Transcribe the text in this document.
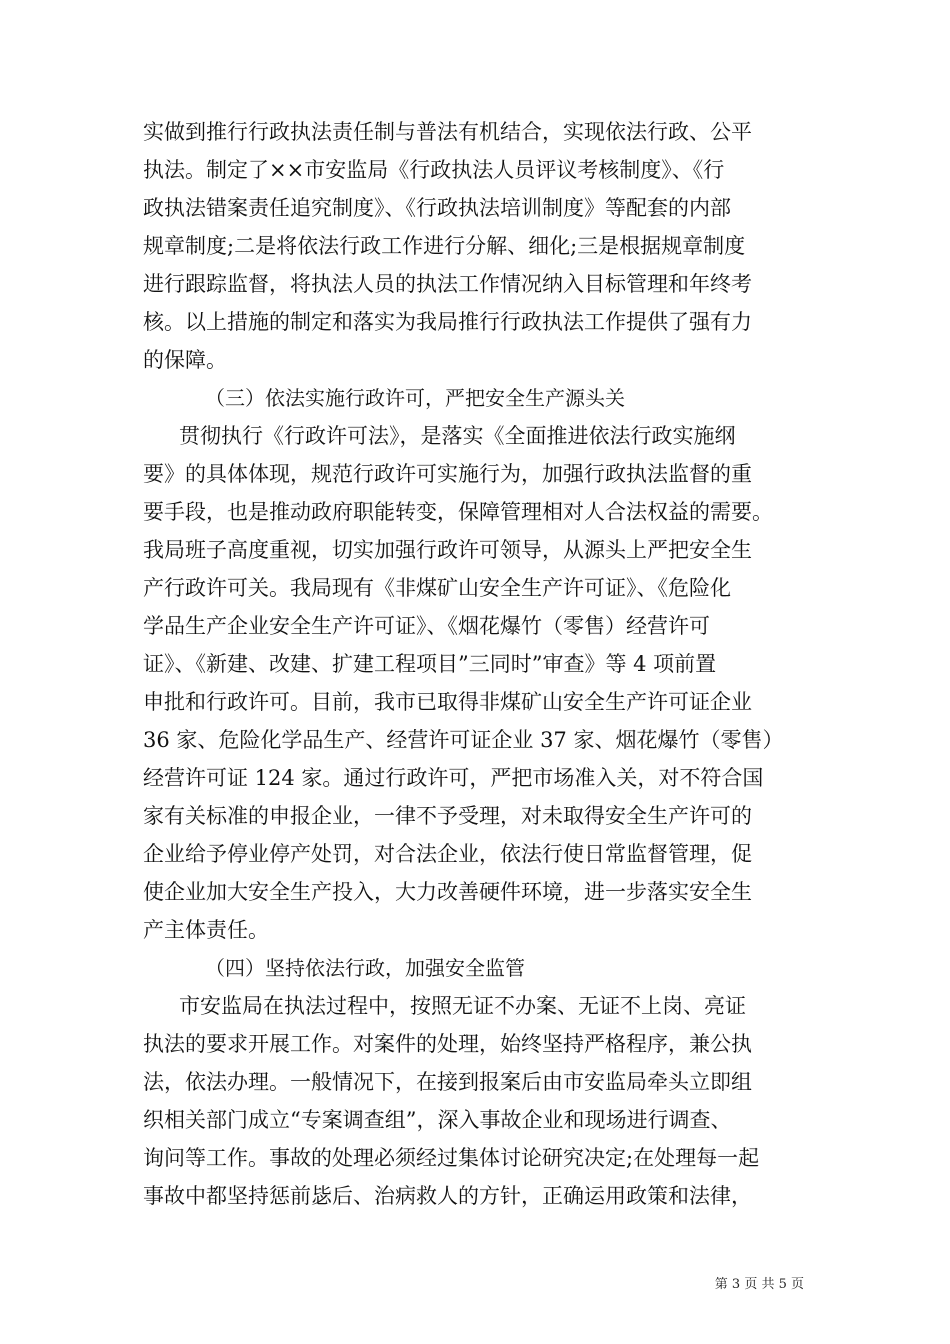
实做到推行行政执法责任制与普法有机结合，实现依法行政、公平
执法。制定了××市安监局《行政执法人员评议考核制度》、《行
政执法错案责任追究制度》、《行政执法培训制度》等配套的内部
规章制度;二是将依法行政工作进行分解、细化;三是根据规章制度
进行跟踪监督，将执法人员的执法工作情况纳入目标管理和年终考
核。以上措施的制定和落实为我局推行行政执法工作提供了强有力
的保障。
（三）依法实施行政许可，严把安全生产源头关
贯彻执行《行政许可法》，是落实《全面推进依法行政实施纲
要》的具体体现，规范行政许可实施行为，加强行政执法监督的重
要手段，也是推动政府职能转变，保障管理相对人合法权益的需要。
我局班子高度重视，切实加强行政许可领导，从源头上严把安全生
产行政许可关。我局现有《非煤矿山安全生产许可证》、《危险化
学品生产企业安全生产许可证》、《烟花爆竹（零售）经营许可
证》、《新建、改建、扩建工程项目”三同时”审查》等 4 项前置
申批和行政许可。目前，我市已取得非煤矿山安全生产许可证企业
36 家、危险化学品生产、经营许可证企业 37 家、烟花爆竹（零售）
经营许可证 124 家。通过行政许可，严把市场准入关，对不符合国
家有关标准的申报企业，一律不予受理，对未取得安全生产许可的
企业给予停业停产处罚，对合法企业，依法行使日常监督管理，促
使企业加大安全生产投入，大力改善硬件环境，进一步落实安全生
产主体责任。
（四）坚持依法行政，加强安全监管
市安监局在执法过程中，按照无证不办案、无证不上岗、亮证
执法的要求开展工作。对案件的处理，始终坚持严格程序，兼公执
法，依法办理。一般情况下，在接到报案后由市安监局牵头立即组
织相关部门成立“专案调查组”，深入事故企业和现场进行调查、
询问等工作。事故的处理必须经过集体讨论研究决定;在处理每一起
事故中都坚持惩前毖后、治病救人的方针，正确运用政策和法律，
第 3 页 共 5 页
